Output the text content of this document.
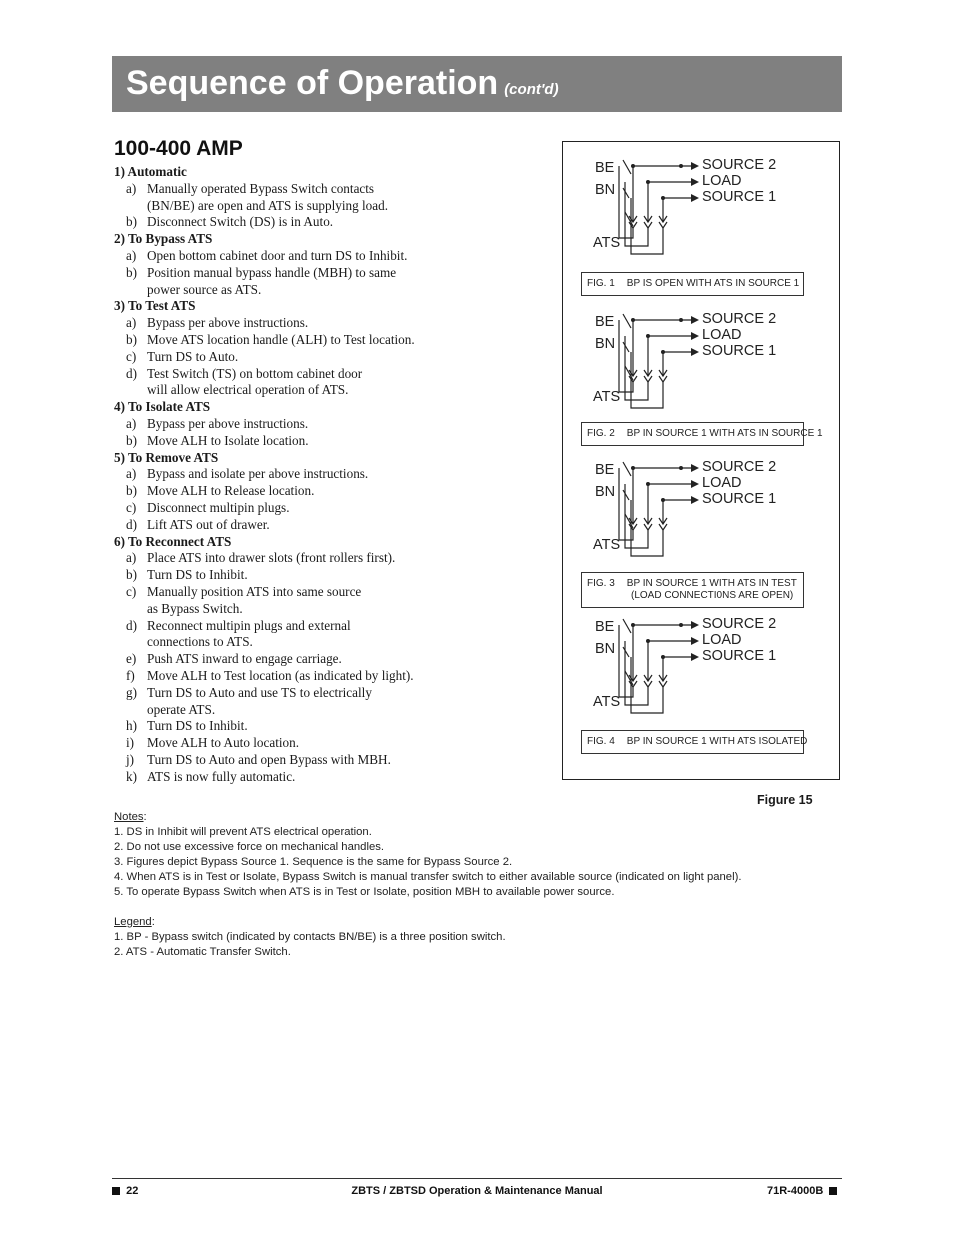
Sequence of Operation (cont'd)
100-400 AMP
1) Automatic
a) Manually operated Bypass Switch contacts
(BN/BE) are open and ATS is supplying load.
b) Disconnect Switch (DS) is in Auto.
2) To Bypass ATS
a) Open bottom cabinet door and turn DS to Inhibit.
b) Position manual bypass handle (MBH) to same
power source as ATS.
3) To Test ATS
a) Bypass per above instructions.
b) Move ATS location handle (ALH) to Test location.
c) Turn DS to Auto.
d) Test Switch (TS) on bottom cabinet door
will allow electrical operation of ATS.
4) To Isolate ATS
a) Bypass per above instructions.
b) Move ALH to Isolate location.
5) To Remove ATS
a) Bypass and isolate per above instructions.
b) Move ALH to Release location.
c) Disconnect multipin plugs.
d) Lift ATS out of drawer.
6) To Reconnect ATS
a) Place ATS into drawer slots (front rollers first).
b) Turn DS to Inhibit.
c) Manually position ATS into same source
as Bypass Switch.
d) Reconnect multipin plugs and external
connections to ATS.
e) Push ATS inward to engage carriage.
f) Move ALH to Test location (as indicated by light).
g) Turn DS to Auto and use TS to electrically
operate ATS.
h) Turn DS to Inhibit.
i) Move ALH to Auto location.
j) Turn DS to Auto and open Bypass with MBH.
k) ATS is now fully automatic.
BE
BN
ATS
SOURCE 2
LOAD
SOURCE 1
FIG. 1 BP IS OPEN WITH ATS IN SOURCE 1
BE
BN
ATS
SOURCE 2
LOAD
SOURCE 1
FIG. 2 BP IN SOURCE 1 WITH ATS IN SOURCE 1
BE
BN
ATS
SOURCE 2
LOAD
SOURCE 1
FIG. 3 BP IN SOURCE 1 WITH ATS IN TEST
(LOAD CONNECTI0NS ARE OPEN)
BE
BN
ATS
SOURCE 2
LOAD
SOURCE 1
FIG. 4 BP IN SOURCE 1 WITH ATS ISOLATED
Figure 15
Notes:
1. DS in Inhibit will prevent ATS electrical operation.
2. Do not use excessive force on mechanical handles.
3. Figures depict Bypass Source 1. Sequence is the same for Bypass Source 2.
4. When ATS is in Test or Isolate, Bypass Switch is manual transfer switch to either available source (indicated on light panel).
5. To operate Bypass Switch when ATS is in Test or Isolate, position MBH to available power source.
Legend:
1. BP - Bypass switch (indicated by contacts BN/BE) is a three position switch.
2. ATS - Automatic Transfer Switch.
22	ZBTS / ZBTSD Operation & Maintenance Manual	71R-4000B
